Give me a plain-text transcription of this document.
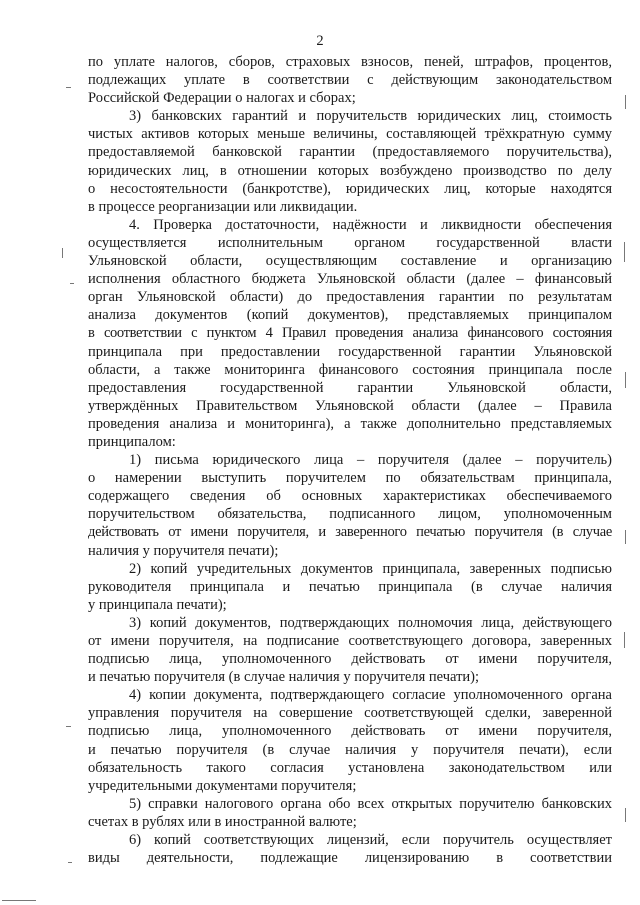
2
по уплате налогов, сборов, страховых взносов, пеней, штрафов, процентов,
подлежащих уплате в соответствии с действующим законодательством
Российской Федерации о налогах и сборах;
3) банковских гарантий и поручительств юридических лиц, стоимость
чистых активов которых меньше величины, составляющей трёхкратную сумму
предоставляемой банковской гарантии (предоставляемого поручительства),
юридических лиц, в отношении которых возбуждено производство по делу
о несостоятельности (банкротстве), юридических лиц, которые находятся
в процессе реорганизации или ликвидации.
4. Проверка достаточности, надёжности и ликвидности обеспечения
осуществляется исполнительным органом государственной власти
Ульяновской области, осуществляющим составление и организацию
исполнения областного бюджета Ульяновской области (далее – финансовый
орган Ульяновской области) до предоставления гарантии по результатам
анализа документов (копий документов), представляемых принципалом
в соответствии с пунктом 4 Правил проведения анализа финансового состояния
принципала при предоставлении государственной гарантии Ульяновской
области, а также мониторинга финансового состояния принципала после
предоставления государственной гарантии Ульяновской области,
утверждённых Правительством Ульяновской области (далее – Правила
проведения анализа и мониторинга), а также дополнительно представляемых
принципалом:
1) письма юридического лица – поручителя (далее – поручитель)
о намерении выступить поручителем по обязательствам принципала,
содержащего сведения об основных характеристиках обеспечиваемого
поручительством обязательства, подписанного лицом, уполномоченным
действовать от имени поручителя, и заверенного печатью поручителя (в случае
наличия у поручителя печати);
2) копий учредительных документов принципала, заверенных подписью
руководителя принципала и печатью принципала (в случае наличия
у принципала печати);
3) копий документов, подтверждающих полномочия лица, действующего
от имени поручителя, на подписание соответствующего договора, заверенных
подписью лица, уполномоченного действовать от имени поручителя,
и печатью поручителя (в случае наличия у поручителя печати);
4) копии документа, подтверждающего согласие уполномоченного органа
управления поручителя на совершение соответствующей сделки, заверенной
подписью лица, уполномоченного действовать от имени поручителя,
и печатью поручителя (в случае наличия у поручителя печати), если
обязательность такого согласия установлена законодательством или
учредительными документами поручителя;
5) справки налогового органа обо всех открытых поручителю банковских
счетах в рублях или в иностранной валюте;
6) копий соответствующих лицензий, если поручитель осуществляет
виды деятельности, подлежащие лицензированию в соответствии
